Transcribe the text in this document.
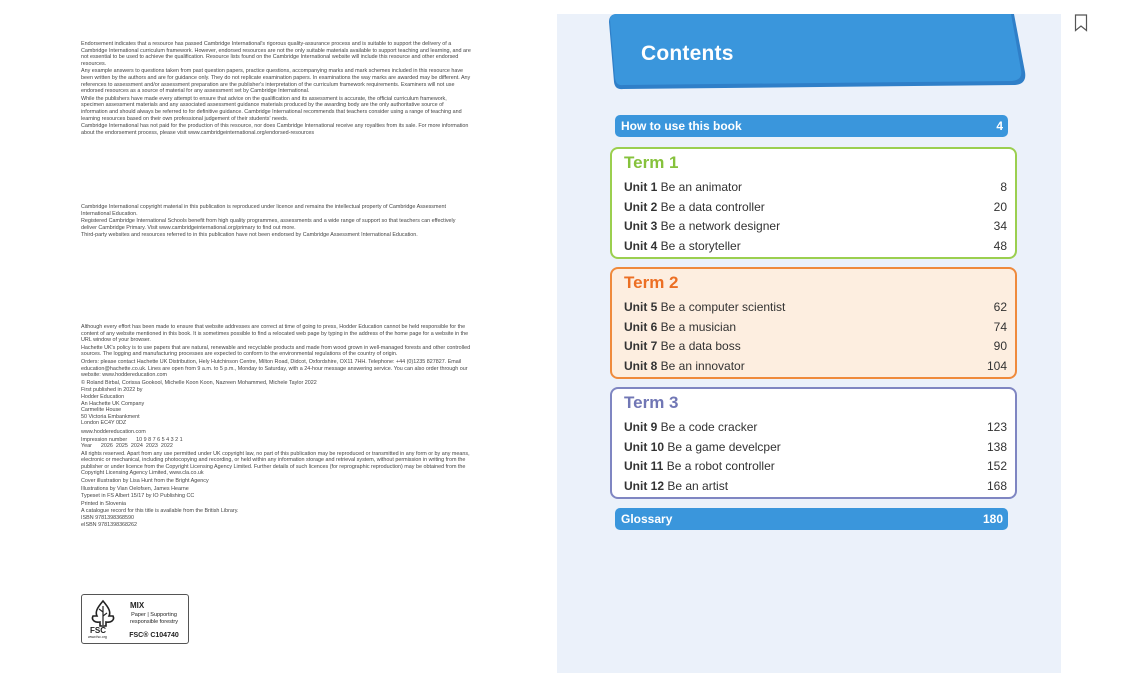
Endorsement indicates that a resource has passed Cambridge International's rigorous quality-assurance process and is suitable to support the delivery of a Cambridge International curriculum framework. However, endorsed resources are not the only suitable materials available to support teaching and learning, and are not essential to be used to achieve the qualification. Resource lists found on the Cambridge International website will include this resource and other endorsed resources.

Any example answers to questions taken from past question papers, practice questions, accompanying marks and mark schemes included in this resource have been written by the authors and are for guidance only. They do not replicate examination papers. In examinations the way marks are awarded may be different. Any references to assessment and/or assessment preparation are the publisher's interpretation of the curriculum framework requirements. Examiners will not use endorsed resources as a source of material for any assessment set by Cambridge International.

While the publishers have made every attempt to ensure that advice on the qualification and its assessment is accurate, the official curriculum framework, specimen assessment materials and any associated assessment guidance materials produced by the awarding body are the only authoritative source of information and should always be referred to for definitive guidance. Cambridge International recommends that teachers consider using a range of teaching and learning resources based on their own professional judgement of their students' needs.

Cambridge International has not paid for the production of this resource, nor does Cambridge International receive any royalties from its sale. For more information about the endorsement process, please visit www.cambridgeinternational.org/endorsed-resources

Cambridge International copyright material in this publication is reproduced under licence and remains the intellectual property of Cambridge Assessment International Education.

Registered Cambridge International Schools benefit from high quality programmes, assessments and a wide range of support so that teachers can effectively deliver Cambridge Primary. Visit www.cambridgeinternational.org/primary to find out more.

Third-party websites and resources referred to in this publication have not been endorsed by Cambridge Assessment International Education.

Although every effort has been made to ensure that website addresses are correct at time of going to press, Hodder Education cannot be held responsible for the content of any website mentioned in this book. It is sometimes possible to find a relocated web page by typing in the address of the home page for a website in the URL window of your browser.

Hachette UK's policy is to use papers that are natural, renewable and recyclable products and made from wood grown in well-managed forests and other controlled sources. The logging and manufacturing processes are expected to conform to the environmental regulations of the country of origin.

Orders: please contact Hachette UK Distribution, Hely Hutchinson Centre, Milton Road, Didcot, Oxfordshire, OX11 7HH. Telephone: +44 (0)1235 827827. Email education@hachette.co.uk. Lines are open from 9 a.m. to 5 p.m., Monday to Saturday, with a 24-hour message answering service. You can also order through our website: www.hoddereducation.com

© Roland Birbal, Corissa Gookool, Michelle Koon Koon, Nazreen Mohammed, Michele Taylor 2022

First published in 2022 by

Hodder Education

An Hachette UK Company

Carmelite House

50 Victoria Embankment

London EC4Y 0DZ

www.hoddereducation.com

Impression number      10 9 8 7 6 5 4 3 2 1

Year      2026  2025  2024  2023  2022

All rights reserved. Apart from any use permitted under UK copyright law, no part of this publication may be reproduced or transmitted in any form or by any means, electronic or mechanical, including photocopying and recording, or held within any information storage and retrieval system, without permission in writing from the publisher or under licence from the Copyright Licensing Agency Limited. Further details of such licences (for reprographic reproduction) may be obtained from the Copyright Licensing Agency Limited, www.cla.co.uk

Cover illustration by Lisa Hunt from the Bright Agency

Illustrations by Vian Oelofsen, James Hearne

Typeset in FS Albert 15/17 by IO Publishing CC

Printed in Slovenia

A catalogue record for this title is available from the British Library.

ISBN 9781398368590

eISBN 9781398368262

FSC
www.fsc.org
MIX
Paper | Supporting
responsible forestry
FSC® C104740
Contents
How to use this book	4
Term 1
Unit 1 Be an animator	8
Unit 2 Be a data controller	20
Unit 3 Be a network designer	34
Unit 4 Be a storyteller	48
Term 2
Unit 5 Be a computer scientist	62
Unit 6 Be a musician	74
Unit 7 Be a data boss	90
Unit 8 Be an innovator	104
Term 3
Unit 9 Be a code cracker	123
Unit 10 Be a game develcper	138
Unit 11 Be a robot controller	152
Unit 12 Be an artist	168
Glossary	180
